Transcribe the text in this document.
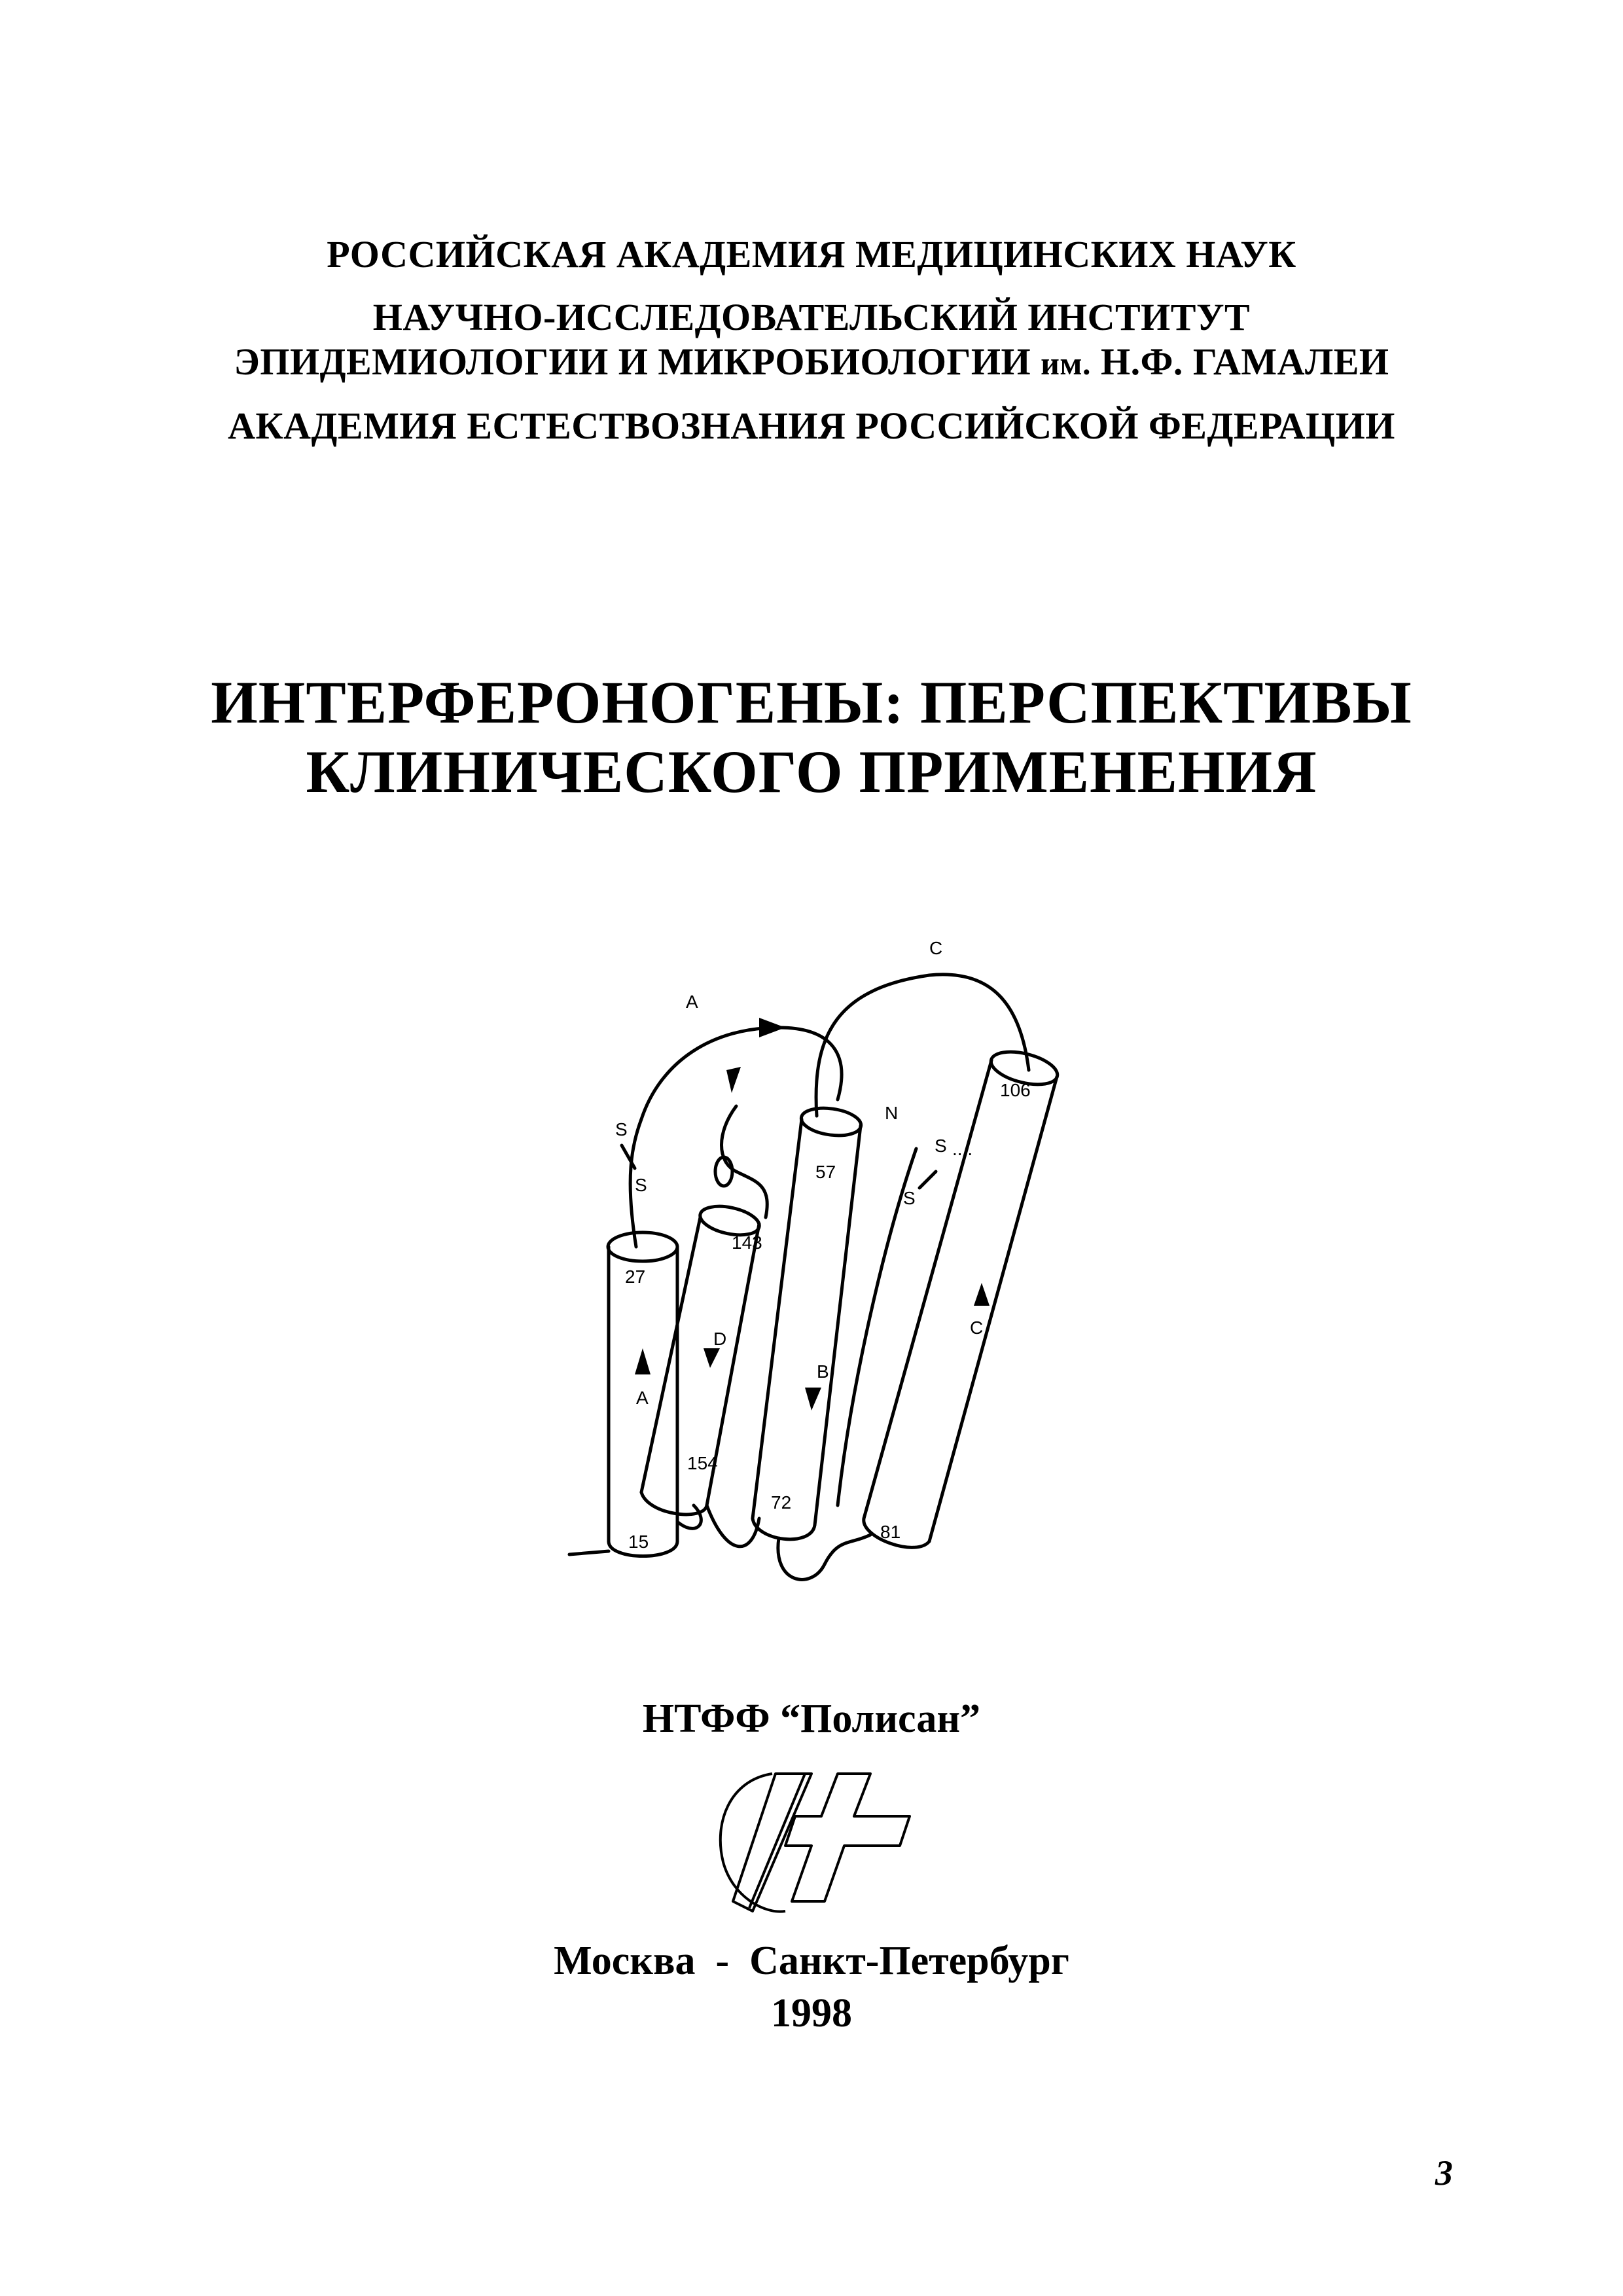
РОССИЙСКАЯ АКАДЕМИЯ МЕДИЦИНСКИХ НАУК
НАУЧНО-ИССЛЕДОВАТЕЛЬСКИЙ ИНСТИТУТ
ЭПИДЕМИОЛОГИИ И МИКРОБИОЛОГИИ им. Н.Ф. ГАМАЛЕИ
АКАДЕМИЯ ЕСТЕСТВОЗНАНИЯ РОССИЙСКОЙ ФЕДЕРАЦИИ
ИНТЕРФЕРОНОГЕНЫ: ПЕРСПЕКТИВЫ
КЛИНИЧЕСКОГО ПРИМЕНЕНИЯ
A
C
A
B
C
D
N
S
S
S
S ....
15
27
57
72
81
106
143
154
НТФФ “Полисан”
Москва  -  Санкт-Петербург
1998
3
